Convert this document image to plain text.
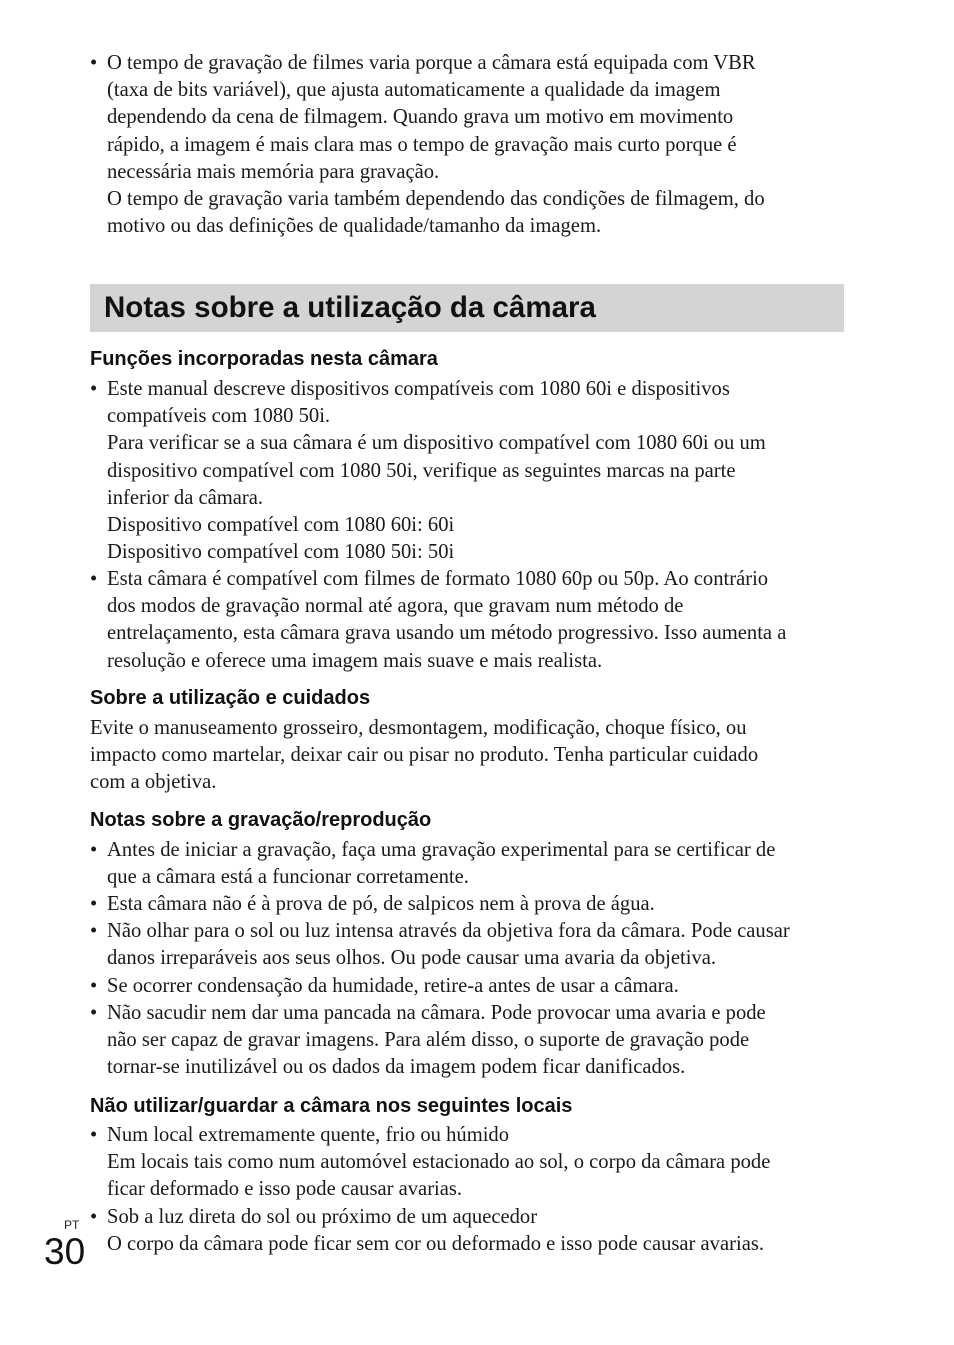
• O tempo de gravação de filmes varia porque a câmara está equipada com VBR
(taxa de bits variável), que ajusta automaticamente a qualidade da imagem
dependendo da cena de filmagem. Quando grava um motivo em movimento
rápido, a imagem é mais clara mas o tempo de gravação mais curto porque é
necessária mais memória para gravação.
O tempo de gravação varia também dependendo das condições de filmagem, do
motivo ou das definições de qualidade/tamanho da imagem.
Notas sobre a utilização da câmara
Funções incorporadas nesta câmara
• Este manual descreve dispositivos compatíveis com 1080 60i e dispositivos
compatíveis com 1080 50i.
Para verificar se a sua câmara é um dispositivo compatível com 1080 60i ou um
dispositivo compatível com 1080 50i, verifique as seguintes marcas na parte
inferior da câmara.
Dispositivo compatível com 1080 60i: 60i
Dispositivo compatível com 1080 50i: 50i
• Esta câmara é compatível com filmes de formato 1080 60p ou 50p. Ao contrário
dos modos de gravação normal até agora, que gravam num método de
entrelaçamento, esta câmara grava usando um método progressivo. Isso aumenta a
resolução e oferece uma imagem mais suave e mais realista.
Sobre a utilização e cuidados
Evite o manuseamento grosseiro, desmontagem, modificação, choque físico, ou
impacto como martelar, deixar cair ou pisar no produto. Tenha particular cuidado
com a objetiva.
Notas sobre a gravação/reprodução
• Antes de iniciar a gravação, faça uma gravação experimental para se certificar de
que a câmara está a funcionar corretamente.
• Esta câmara não é à prova de pó, de salpicos nem à prova de água.
• Não olhar para o sol ou luz intensa através da objetiva fora da câmara. Pode causar
danos irreparáveis aos seus olhos. Ou pode causar uma avaria da objetiva.
• Se ocorrer condensação da humidade, retire-a antes de usar a câmara.
• Não sacudir nem dar uma pancada na câmara. Pode provocar uma avaria e pode
não ser capaz de gravar imagens. Para além disso, o suporte de gravação pode
tornar-se inutilizável ou os dados da imagem podem ficar danificados.
Não utilizar/guardar a câmara nos seguintes locais
• Num local extremamente quente, frio ou húmido
Em locais tais como num automóvel estacionado ao sol, o corpo da câmara pode
ficar deformado e isso pode causar avarias.
• Sob a luz direta do sol ou próximo de um aquecedor
O corpo da câmara pode ficar sem cor ou deformado e isso pode causar avarias.
PT
30
